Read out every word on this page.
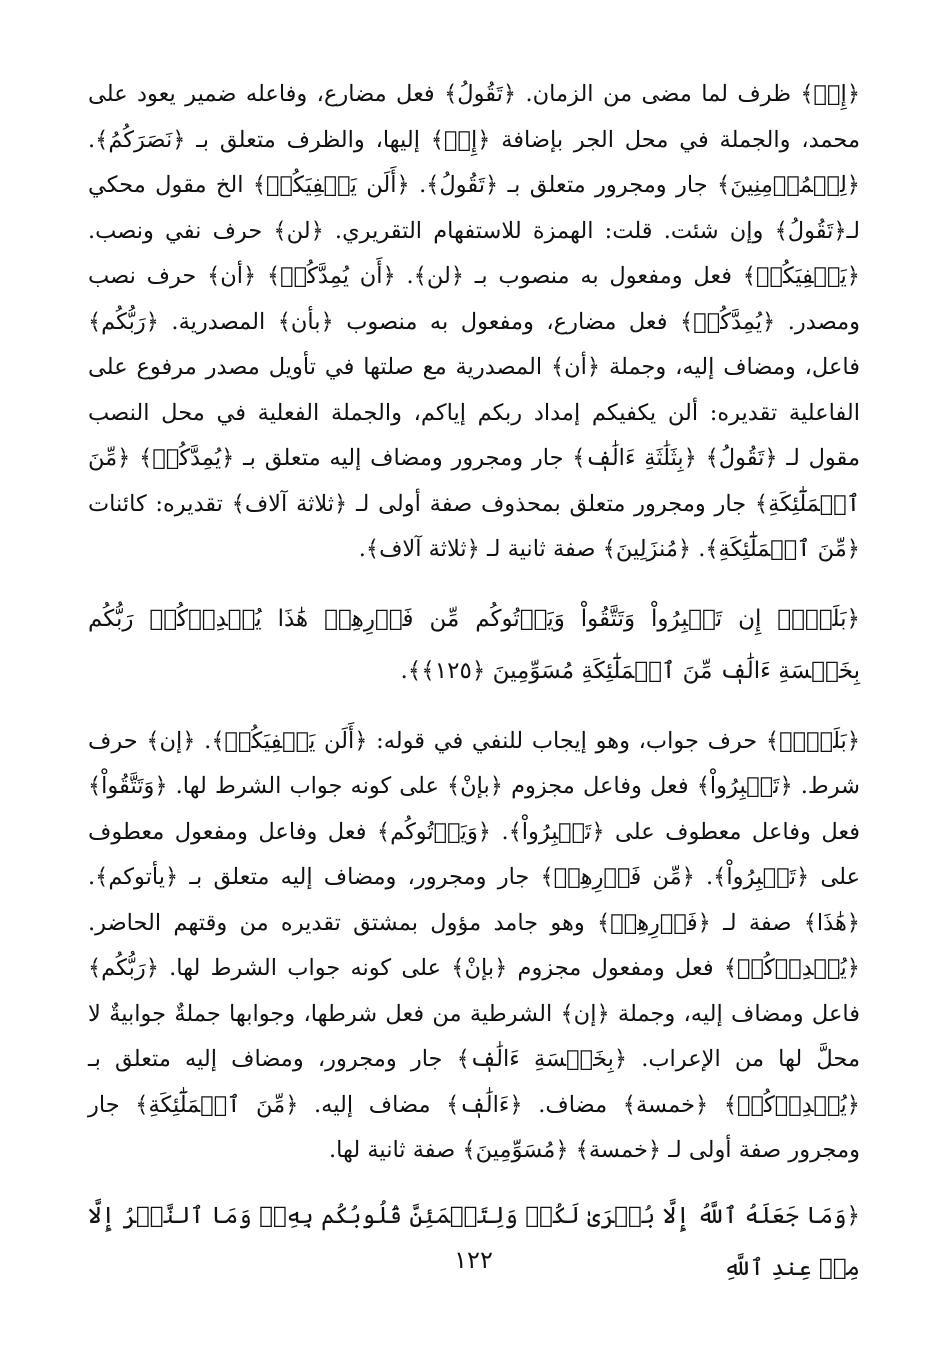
﴿إِذۡ﴾ ظرف لما مضى من الزمان. ﴿تَقُولُ﴾ فعل مضارع، وفاعله ضمير يعود على محمد، والجملة في محل الجر بإضافة ﴿إِذۡ﴾ إليها، والظرف متعلق بـ ﴿نَصَرَكُمُ﴾. ﴿لِلۡمُؤۡمِنِينَ﴾ جار ومجرور متعلق بـ ﴿تَقُولُ﴾. ﴿أَلَن يَكۡفِيَكُمۡ﴾ الخ مقول محكي لـ﴿تَقُولُ﴾ وإن شئت. قلت: الهمزة للاستفهام التقريري. ﴿لن﴾ حرف نفي ونصب. ﴿يَكۡفِيَكُمۡ﴾ فعل ومفعول به منصوب بـ ﴿لن﴾. ﴿أَن يُمِدَّكُمۡ﴾ ﴿أن﴾ حرف نصب ومصدر. ﴿يُمِدَّكُمۡ﴾ فعل مضارع، ومفعول به منصوب ﴿بأن﴾ المصدرية. ﴿رَبُّكُم﴾ فاعل، ومضاف إليه، وجملة ﴿أن﴾ المصدرية مع صلتها في تأويل مصدر مرفوع على الفاعلية تقديره: ألن يكفيكم إمداد ربكم إياكم، والجملة الفعلية في محل النصب مقول لـ ﴿تَقُولُ﴾ ﴿بِثَلَٰثَةِ ءَالَٰفٖ﴾ جار ومجرور ومضاف إليه متعلق بـ ﴿يُمِدَّكُمۡ﴾ ﴿مِّنَ ٱلۡمَلَٰٓئِكَةِ﴾ جار ومجرور متعلق بمحذوف صفة أولى لـ ﴿ثلاثة آلاف﴾ تقديره: كائنات ﴿مِّنَ ٱلۡمَلَٰٓئِكَةِ﴾. ﴿مُنزَلِينَ﴾ صفة ثانية لـ ﴿ثلاثة آلاف﴾.

﴿بَلَىٰٓۚ إِن تَصۡبِرُواْ وَتَتَّقُواْ وَيَأۡتُوكُم مِّن فَوۡرِهِمۡ هَٰذَا يُمۡدِدۡكُمۡ رَبُّكُم بِخَمۡسَةِ ءَالَٰفٖ مِّنَ ٱلۡمَلَٰٓئِكَةِ مُسَوِّمِينَ ﴿١٢٥﴾﴾.

﴿بَلَىٰٓۚ﴾ حرف جواب، وهو إيجاب للنفي في قوله: ﴿أَلَن يَكۡفِيَكُمۡ﴾. ﴿إن﴾ حرف شرط. ﴿تَصۡبِرُواْ﴾ فعل وفاعل مجزوم ﴿بإنْ﴾ على كونه جواب الشرط لها. ﴿وَتَتَّقُواْ﴾ فعل وفاعل معطوف على ﴿تَصۡبِرُواْ﴾. ﴿وَيَأۡتُوكُم﴾ فعل وفاعل ومفعول معطوف على ﴿تَصۡبِرُواْ﴾. ﴿مِّن فَوۡرِهِمۡ﴾ جار ومجرور، ومضاف إليه متعلق بـ ﴿يأتوكم﴾. ﴿هَٰذَا﴾ صفة لـ ﴿فَوۡرِهِمۡ﴾ وهو جامد مؤول بمشتق تقديره من وقتهم الحاضر. ﴿يُمۡدِدۡكُمۡ﴾ فعل ومفعول مجزوم ﴿بإنْ﴾ على كونه جواب الشرط لها. ﴿رَبُّكُم﴾ فاعل ومضاف إليه، وجملة ﴿إن﴾ الشرطية من فعل شرطها، وجوابها جملةٌ جوابيةٌ لا محلَّ لها من الإعراب. ﴿بِخَمۡسَةِ ءَالَٰفٖ﴾ جار ومجرور، ومضاف إليه متعلق بـ ﴿يُمۡدِدۡكُمۡ﴾ ﴿خمسة﴾ مضاف. ﴿ءَالَٰفٖ﴾ مضاف إليه. ﴿مِّنَ ٱلۡمَلَٰٓئِكَةِ﴾ جار ومجرور صفة أولى لـ ﴿خمسة﴾ ﴿مُسَوِّمِينَ﴾ صفة ثانية لها.

﴿وَمَا جَعَلَهُ ٱللَّهُ إِلَّا بُشۡرَىٰ لَكُمۡ وَلِتَطۡمَئِنَّ قُلُوبُكُم بِهِۦۗ وَمَا ٱلنَّصۡرُ إِلَّا مِنۡ عِندِ ٱللَّهِ

١٢٢
